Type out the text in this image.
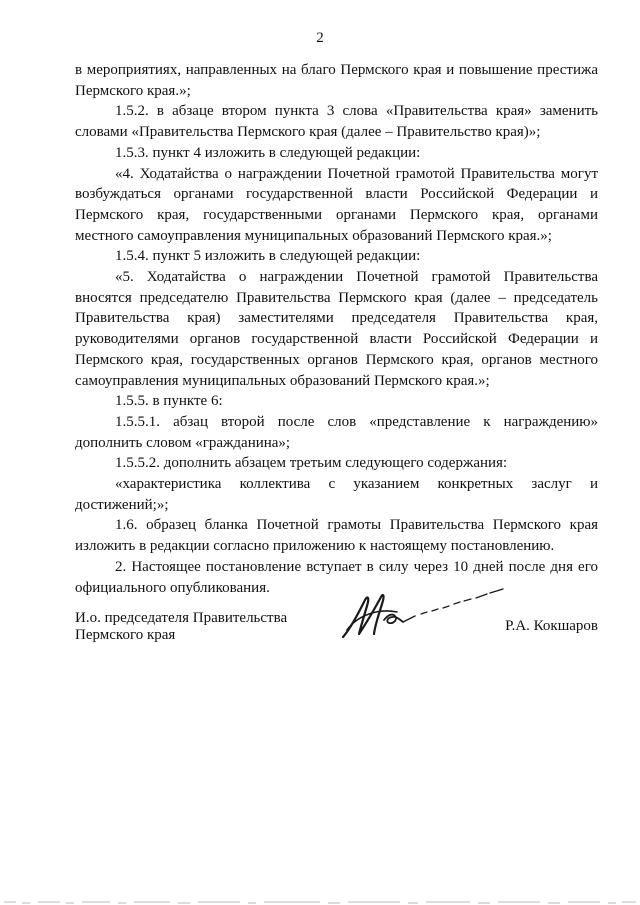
2

в мероприятиях, направленных на благо Пермского края и повышение престижа Пермского края.»;

1.5.2. в абзаце втором пункта 3 слова «Правительства края» заменить словами «Правительства Пермского края (далее – Правительство края)»;

1.5.3. пункт 4 изложить в следующей редакции:

«4. Ходатайства о награждении Почетной грамотой Правительства могут возбуждаться органами государственной власти Российской Федерации и Пермского края, государственными органами Пермского края, органами местного самоуправления муниципальных образований Пермского края.»;

1.5.4. пункт 5 изложить в следующей редакции:

«5. Ходатайства о награждении Почетной грамотой Правительства вносятся председателю Правительства Пермского края (далее – председатель Правительства края) заместителями председателя Правительства края, руководителями органов государственной власти Российской Федерации и Пермского края, государственных органов Пермского края, органов местного самоуправления муниципальных образований Пермского края.»;

1.5.5. в пункте 6:

1.5.5.1. абзац второй после слов «представление к награждению» дополнить словом «гражданина»;

1.5.5.2. дополнить абзацем третьим следующего содержания:

«характеристика коллектива с указанием конкретных заслуг и достижений;»;

1.6. образец бланка Почетной грамоты Правительства Пермского края изложить в редакции согласно приложению к настоящему постановлению.

2. Настоящее постановление вступает в силу через 10 дней после дня его официального опубликования.

И.о. председателя Правительства
Пермского края
Р.А. Кокшаров
